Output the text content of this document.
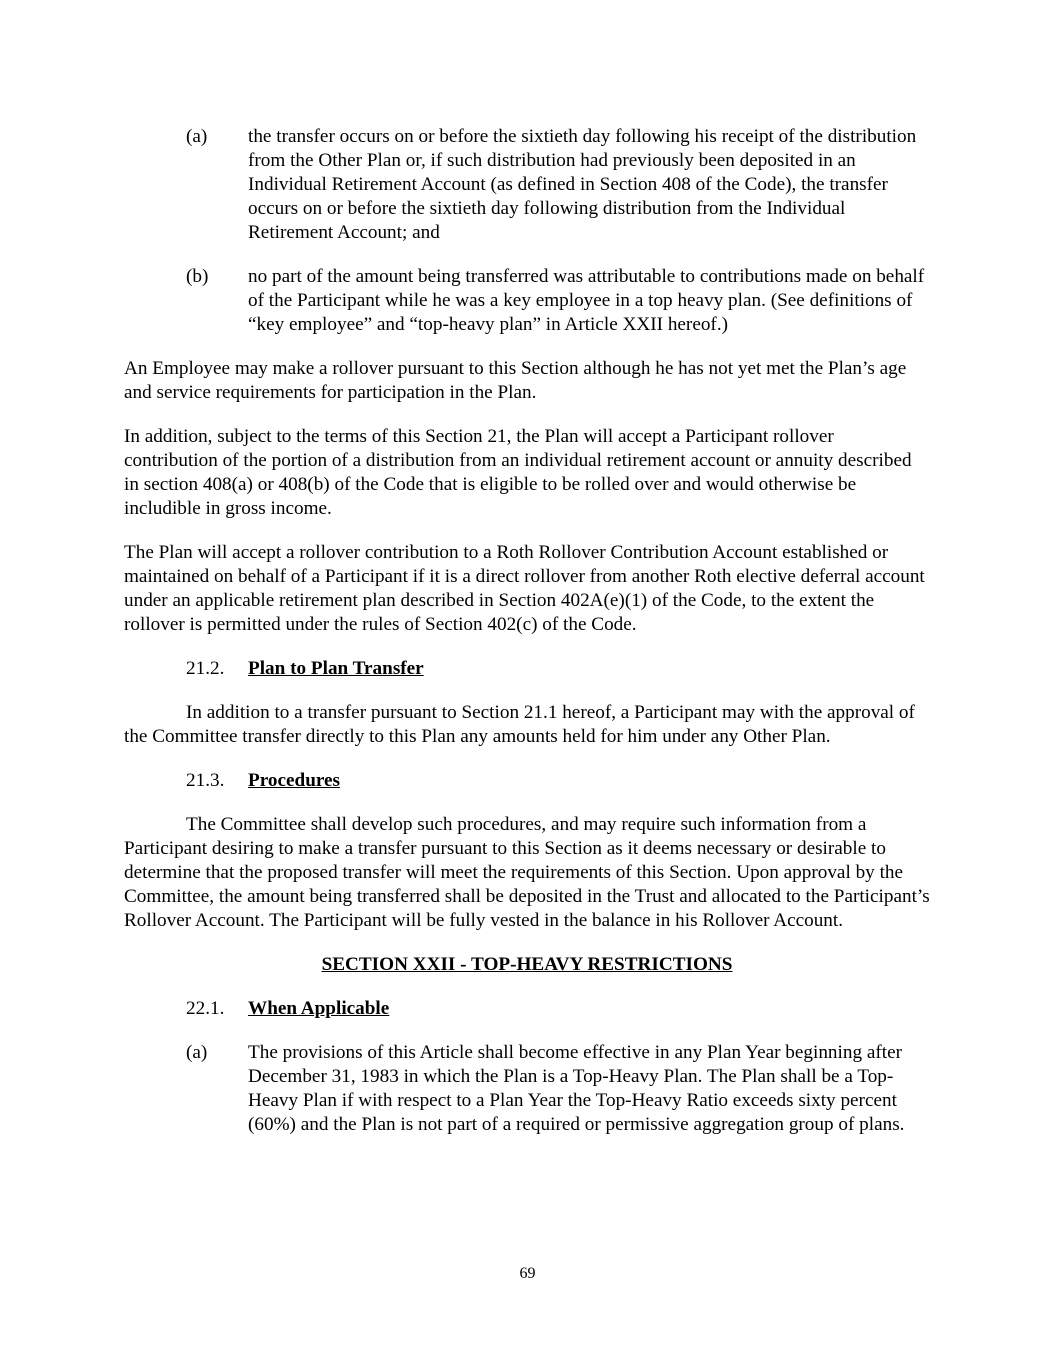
(a) the transfer occurs on or before the sixtieth day following his receipt of the distribution from the Other Plan or, if such distribution had previously been deposited in an Individual Retirement Account (as defined in Section 408 of the Code), the transfer occurs on or before the sixtieth day following distribution from the Individual Retirement Account; and
(b) no part of the amount being transferred was attributable to contributions made on behalf of the Participant while he was a key employee in a top heavy plan. (See definitions of “key employee” and “top-heavy plan” in Article XXII hereof.)

An Employee may make a rollover pursuant to this Section although he has not yet met the Plan’s age and service requirements for participation in the Plan.

In addition, subject to the terms of this Section 21, the Plan will accept a Participant rollover contribution of the portion of a distribution from an individual retirement account or annuity described in section 408(a) or 408(b) of the Code that is eligible to be rolled over and would otherwise be includible in gross income.

The Plan will accept a rollover contribution to a Roth Rollover Contribution Account established or maintained on behalf of a Participant if it is a direct rollover from another Roth elective deferral account under an applicable retirement plan described in Section 402A(e)(1) of the Code, to the extent the rollover is permitted under the rules of Section 402(c) of the Code.

21.2. Plan to Plan Transfer

In addition to a transfer pursuant to Section 21.1 hereof, a Participant may with the approval of the Committee transfer directly to this Plan any amounts held for him under any Other Plan.

21.3. Procedures

The Committee shall develop such procedures, and may require such information from a Participant desiring to make a transfer pursuant to this Section as it deems necessary or desirable to determine that the proposed transfer will meet the requirements of this Section. Upon approval by the Committee, the amount being transferred shall be deposited in the Trust and allocated to the Participant’s Rollover Account. The Participant will be fully vested in the balance in his Rollover Account.

SECTION XXII - TOP-HEAVY RESTRICTIONS

22.1. When Applicable
(a) The provisions of this Article shall become effective in any Plan Year beginning after December 31, 1983 in which the Plan is a Top-Heavy Plan. The Plan shall be a Top-Heavy Plan if with respect to a Plan Year the Top-Heavy Ratio exceeds sixty percent (60%) and the Plan is not part of a required or permissive aggregation group of plans.
69
